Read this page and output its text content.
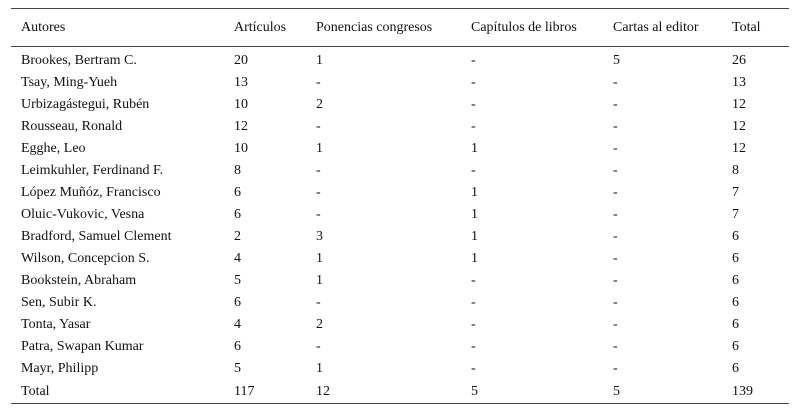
Autores	Artículos	Ponencias congresos	Capítulos de libros	Cartas al editor	Total
Brookes, Bertram C.	20	1	-	5	26
Tsay, Ming-Yueh	13	-	-	-	13
Urbizagástegui, Rubén	10	2	-	-	12
Rousseau, Ronald	12	-	-	-	12
Egghe, Leo	10	1	1	-	12
Leimkuhler, Ferdinand F.	8	-	-	-	8
López Muñóz, Francisco	6	-	1	-	7
Oluic-Vukovic, Vesna	6	-	1	-	7
Bradford, Samuel Clement	2	3	1	-	6
Wilson, Concepcion S.	4	1	1	-	6
Bookstein, Abraham	5	1	-	-	6
Sen, Subir K.	6	-	-	-	6
Tonta, Yasar	4	2	-	-	6
Patra, Swapan Kumar	6	-	-	-	6
Mayr, Philipp	5	1	-	-	6
Total	117	12	5	5	139
